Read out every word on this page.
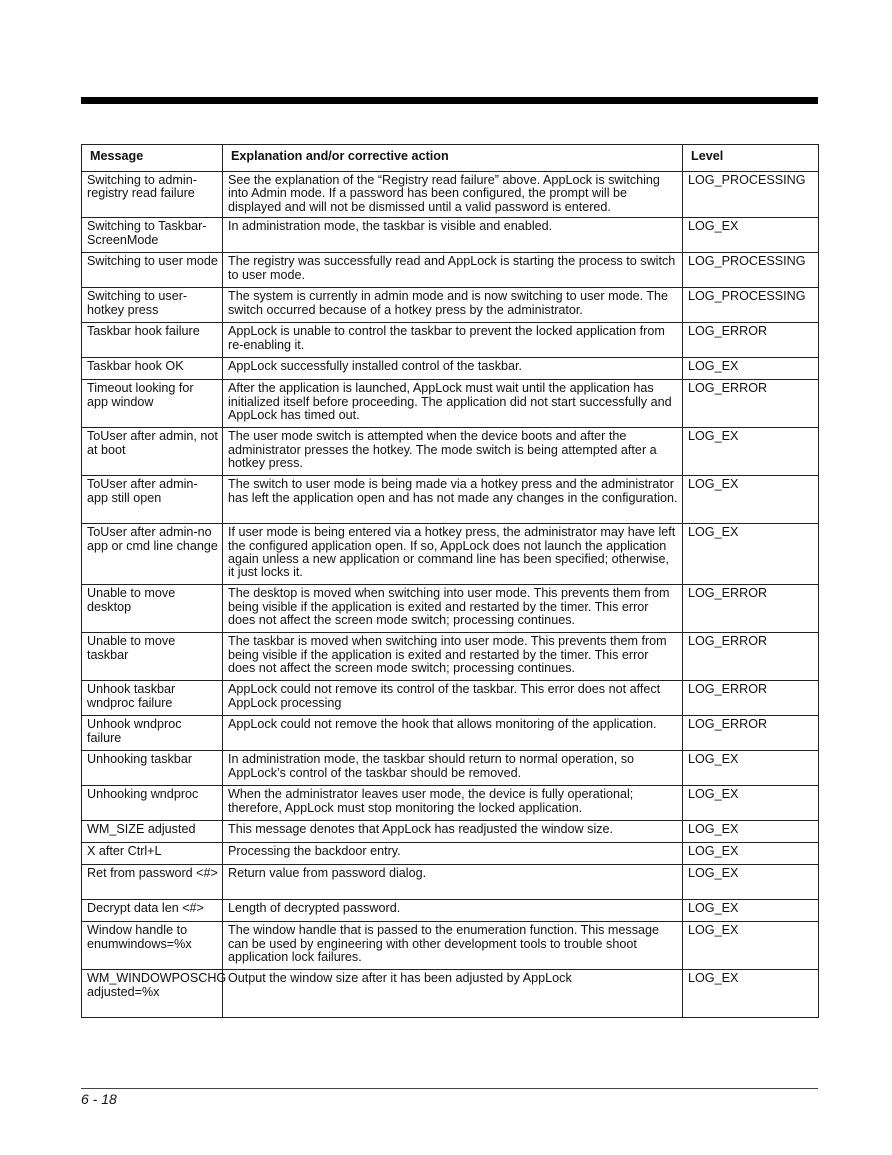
Message	Explanation and/or corrective action	Level
Switching to admin-registry read failure	See the explanation of the “Registry read failure” above. AppLock is switching into Admin mode. If a password has been configured, the prompt will be displayed and will not be dismissed until a valid password is entered.	LOG_PROCESSING
Switching to Taskbar-ScreenMode	In administration mode, the taskbar is visible and enabled.	LOG_EX
Switching to user mode	The registry was successfully read and AppLock is starting the process to switch to user mode.	LOG_PROCESSING
Switching to user-hotkey press	The system is currently in admin mode and is now switching to user mode. The switch occurred because of a hotkey press by the administrator.	LOG_PROCESSING
Taskbar hook failure	AppLock is unable to control the taskbar to prevent the locked application from re-enabling it.	LOG_ERROR
Taskbar hook OK	AppLock successfully installed control of the taskbar.	LOG_EX
Timeout looking for app window	After the application is launched, AppLock must wait until the application has initialized itself before proceeding. The application did not start successfully and AppLock has timed out.	LOG_ERROR
ToUser after admin, not at boot	The user mode switch is attempted when the device boots and after the administrator presses the hotkey. The mode switch is being attempted after a hotkey press.	LOG_EX
ToUser after admin-app still open	The switch to user mode is being made via a hotkey press and the administrator has left the application open and has not made any changes in the configuration.	LOG_EX
ToUser after admin-no app or cmd line change	If user mode is being entered via a hotkey press, the administrator may have left the configured application open. If so, AppLock does not launch the application again unless a new application or command line has been specified; otherwise, it just locks it.	LOG_EX
Unable to move desktop	The desktop is moved when switching into user mode. This prevents them from being visible if the application is exited and restarted by the timer. This error does not affect the screen mode switch; processing continues.	LOG_ERROR
Unable to move taskbar	The taskbar is moved when switching into user mode. This prevents them from being visible if the application is exited and restarted by the timer. This error does not affect the screen mode switch; processing continues.	LOG_ERROR
Unhook taskbar wndproc failure	AppLock could not remove its control of the taskbar. This error does not affect AppLock processing	LOG_ERROR
Unhook wndproc failure	AppLock could not remove the hook that allows monitoring of the application.	LOG_ERROR
Unhooking taskbar	In administration mode, the taskbar should return to normal operation, so AppLock’s control of the taskbar should be removed.	LOG_EX
Unhooking wndproc	When the administrator leaves user mode, the device is fully operational; therefore, AppLock must stop monitoring the locked application.	LOG_EX
WM_SIZE adjusted	This message denotes that AppLock has readjusted the window size.	LOG_EX
X after Ctrl+L	Processing the backdoor entry.	LOG_EX
Ret from password <#>	Return value from password dialog.	LOG_EX
Decrypt data len <#>	Length of decrypted password.	LOG_EX
Window handle to enumwindows=%x	The window handle that is passed to the enumeration function. This message can be used by engineering with other development tools to trouble shoot application lock failures.	LOG_EX
WM_WINDOWPOSCHG adjusted=%x	Output the window size after it has been adjusted by AppLock	LOG_EX
6 - 18
